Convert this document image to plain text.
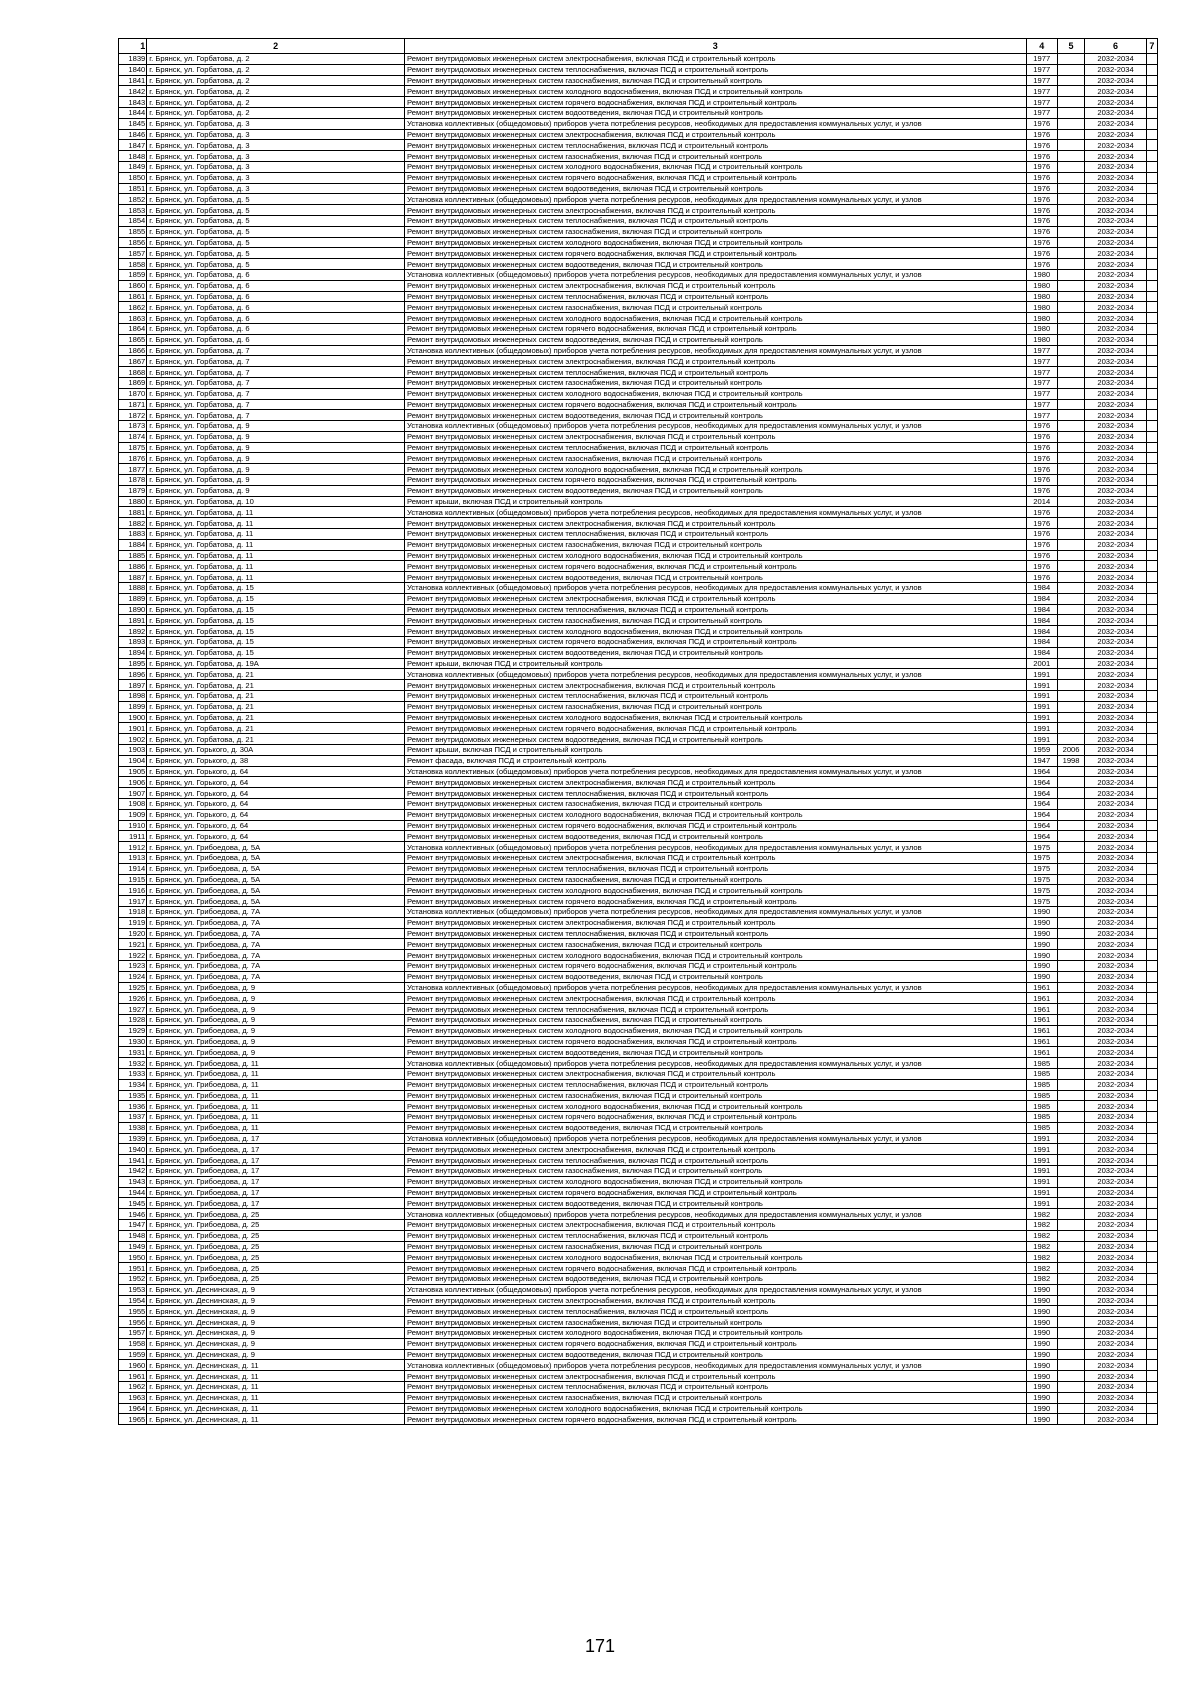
1	2	3	4	5	6	7
1839	г. Брянск, ул. Горбатова, д. 2	Ремонт внутридомовых инженерных систем электроснабжения, включая ПСД и строительный контроль	1977		2032-2034	
1840	г. Брянск, ул. Горбатова, д. 2	Ремонт внутридомовых инженерных систем теплоснабжения, включая ПСД и строительный контроль	1977		2032-2034	
1841	г. Брянск, ул. Горбатова, д. 2	Ремонт внутридомовых инженерных систем газоснабжения, включая ПСД и строительный контроль	1977		2032-2034	
1842	г. Брянск, ул. Горбатова, д. 2	Ремонт внутридомовых инженерных систем холодного водоснабжения, включая ПСД и строительный контроль	1977		2032-2034	
1843	г. Брянск, ул. Горбатова, д. 2	Ремонт внутридомовых инженерных систем горячего водоснабжения, включая ПСД и строительный контроль	1977		2032-2034	
1844	г. Брянск, ул. Горбатова, д. 2	Ремонт внутридомовых инженерных систем водоотведения, включая ПСД и строительный контроль	1977		2032-2034	
1845	г. Брянск, ул. Горбатова, д. 3	Установка коллективных (общедомовых) приборов учета потребления ресурсов, необходимых для предоставления коммунальных услуг, и узлов	1976		2032-2034	
1846	г. Брянск, ул. Горбатова, д. 3	Ремонт внутридомовых инженерных систем электроснабжения, включая ПСД и строительный контроль	1976		2032-2034	
1847	г. Брянск, ул. Горбатова, д. 3	Ремонт внутридомовых инженерных систем теплоснабжения, включая ПСД и строительный контроль	1976		2032-2034	
1848	г. Брянск, ул. Горбатова, д. 3	Ремонт внутридомовых инженерных систем газоснабжения, включая ПСД и строительный контроль	1976		2032-2034	
1849	г. Брянск, ул. Горбатова, д. 3	Ремонт внутридомовых инженерных систем холодного водоснабжения, включая ПСД и строительный контроль	1976		2032-2034	
1850	г. Брянск, ул. Горбатова, д. 3	Ремонт внутридомовых инженерных систем горячего водоснабжения, включая ПСД и строительный контроль	1976		2032-2034	
1851	г. Брянск, ул. Горбатова, д. 3	Ремонт внутридомовых инженерных систем водоотведения, включая ПСД и строительный контроль	1976		2032-2034	
1852	г. Брянск, ул. Горбатова, д. 5	Установка коллективных (общедомовых) приборов учета потребления ресурсов, необходимых для предоставления коммунальных услуг, и узлов	1976		2032-2034	
1853	г. Брянск, ул. Горбатова, д. 5	Ремонт внутридомовых инженерных систем электроснабжения, включая ПСД и строительный контроль	1976		2032-2034	
1854	г. Брянск, ул. Горбатова, д. 5	Ремонт внутридомовых инженерных систем теплоснабжения, включая ПСД и строительный контроль	1976		2032-2034	
1855	г. Брянск, ул. Горбатова, д. 5	Ремонт внутридомовых инженерных систем газоснабжения, включая ПСД и строительный контроль	1976		2032-2034	
1856	г. Брянск, ул. Горбатова, д. 5	Ремонт внутридомовых инженерных систем холодного водоснабжения, включая ПСД и строительный контроль	1976		2032-2034	
1857	г. Брянск, ул. Горбатова, д. 5	Ремонт внутридомовых инженерных систем горячего водоснабжения, включая ПСД и строительный контроль	1976		2032-2034	
1858	г. Брянск, ул. Горбатова, д. 5	Ремонт внутридомовых инженерных систем водоотведения, включая ПСД и строительный контроль	1976		2032-2034	
1859	г. Брянск, ул. Горбатова, д. 6	Установка коллективных (общедомовых) приборов учета потребления ресурсов, необходимых для предоставления коммунальных услуг, и узлов	1980		2032-2034	
1860	г. Брянск, ул. Горбатова, д. 6	Ремонт внутридомовых инженерных систем электроснабжения, включая ПСД и строительный контроль	1980		2032-2034	
1861	г. Брянск, ул. Горбатова, д. 6	Ремонт внутридомовых инженерных систем теплоснабжения, включая ПСД и строительный контроль	1980		2032-2034	
1862	г. Брянск, ул. Горбатова, д. 6	Ремонт внутридомовых инженерных систем газоснабжения, включая ПСД и строительный контроль	1980		2032-2034	
1863	г. Брянск, ул. Горбатова, д. 6	Ремонт внутридомовых инженерных систем холодного водоснабжения, включая ПСД и строительный контроль	1980		2032-2034	
1864	г. Брянск, ул. Горбатова, д. 6	Ремонт внутридомовых инженерных систем горячего водоснабжения, включая ПСД и строительный контроль	1980		2032-2034	
1865	г. Брянск, ул. Горбатова, д. 6	Ремонт внутридомовых инженерных систем водоотведения, включая ПСД и строительный контроль	1980		2032-2034	
1866	г. Брянск, ул. Горбатова, д. 7	Установка коллективных (общедомовых) приборов учета потребления ресурсов, необходимых для предоставления коммунальных услуг, и узлов	1977		2032-2034	
1867	г. Брянск, ул. Горбатова, д. 7	Ремонт внутридомовых инженерных систем электроснабжения, включая ПСД и строительный контроль	1977		2032-2034	
1868	г. Брянск, ул. Горбатова, д. 7	Ремонт внутридомовых инженерных систем теплоснабжения, включая ПСД и строительный контроль	1977		2032-2034	
1869	г. Брянск, ул. Горбатова, д. 7	Ремонт внутридомовых инженерных систем газоснабжения, включая ПСД и строительный контроль	1977		2032-2034	
1870	г. Брянск, ул. Горбатова, д. 7	Ремонт внутридомовых инженерных систем холодного водоснабжения, включая ПСД и строительный контроль	1977		2032-2034	
1871	г. Брянск, ул. Горбатова, д. 7	Ремонт внутридомовых инженерных систем горячего водоснабжения, включая ПСД и строительный контроль	1977		2032-2034	
1872	г. Брянск, ул. Горбатова, д. 7	Ремонт внутридомовых инженерных систем водоотведения, включая ПСД и строительный контроль	1977		2032-2034	
1873	г. Брянск, ул. Горбатова, д. 9	Установка коллективных (общедомовых) приборов учета потребления ресурсов, необходимых для предоставления коммунальных услуг, и узлов	1976		2032-2034	
1874	г. Брянск, ул. Горбатова, д. 9	Ремонт внутридомовых инженерных систем электроснабжения, включая ПСД и строительный контроль	1976		2032-2034	
1875	г. Брянск, ул. Горбатова, д. 9	Ремонт внутридомовых инженерных систем теплоснабжения, включая ПСД и строительный контроль	1976		2032-2034	
1876	г. Брянск, ул. Горбатова, д. 9	Ремонт внутридомовых инженерных систем газоснабжения, включая ПСД и строительный контроль	1976		2032-2034	
1877	г. Брянск, ул. Горбатова, д. 9	Ремонт внутридомовых инженерных систем холодного водоснабжения, включая ПСД и строительный контроль	1976		2032-2034	
1878	г. Брянск, ул. Горбатова, д. 9	Ремонт внутридомовых инженерных систем горячего водоснабжения, включая ПСД и строительный контроль	1976		2032-2034	
1879	г. Брянск, ул. Горбатова, д. 9	Ремонт внутридомовых инженерных систем водоотведения, включая ПСД и строительный контроль	1976		2032-2034	
1880	г. Брянск, ул. Горбатова, д. 10	Ремонт крыши, включая ПСД и строительный контроль	2014		2032-2034	
1881	г. Брянск, ул. Горбатова, д. 11	Установка коллективных (общедомовых) приборов учета потребления ресурсов, необходимых для предоставления коммунальных услуг, и узлов	1976		2032-2034	
1882	г. Брянск, ул. Горбатова, д. 11	Ремонт внутридомовых инженерных систем электроснабжения, включая ПСД и строительный контроль	1976		2032-2034	
1883	г. Брянск, ул. Горбатова, д. 11	Ремонт внутридомовых инженерных систем теплоснабжения, включая ПСД и строительный контроль	1976		2032-2034	
1884	г. Брянск, ул. Горбатова, д. 11	Ремонт внутридомовых инженерных систем газоснабжения, включая ПСД и строительный контроль	1976		2032-2034	
1885	г. Брянск, ул. Горбатова, д. 11	Ремонт внутридомовых инженерных систем холодного водоснабжения, включая ПСД и строительный контроль	1976		2032-2034	
1886	г. Брянск, ул. Горбатова, д. 11	Ремонт внутридомовых инженерных систем горячего водоснабжения, включая ПСД и строительный контроль	1976		2032-2034	
1887	г. Брянск, ул. Горбатова, д. 11	Ремонт внутридомовых инженерных систем водоотведения, включая ПСД и строительный контроль	1976		2032-2034	
1888	г. Брянск, ул. Горбатова, д. 15	Установка коллективных (общедомовых) приборов учета потребления ресурсов, необходимых для предоставления коммунальных услуг, и узлов	1984		2032-2034	
1889	г. Брянск, ул. Горбатова, д. 15	Ремонт внутридомовых инженерных систем электроснабжения, включая ПСД и строительный контроль	1984		2032-2034	
1890	г. Брянск, ул. Горбатова, д. 15	Ремонт внутридомовых инженерных систем теплоснабжения, включая ПСД и строительный контроль	1984		2032-2034	
1891	г. Брянск, ул. Горбатова, д. 15	Ремонт внутридомовых инженерных систем газоснабжения, включая ПСД и строительный контроль	1984		2032-2034	
1892	г. Брянск, ул. Горбатова, д. 15	Ремонт внутридомовых инженерных систем холодного водоснабжения, включая ПСД и строительный контроль	1984		2032-2034	
1893	г. Брянск, ул. Горбатова, д. 15	Ремонт внутридомовых инженерных систем горячего водоснабжения, включая ПСД и строительный контроль	1984		2032-2034	
1894	г. Брянск, ул. Горбатова, д. 15	Ремонт внутридомовых инженерных систем водоотведения, включая ПСД и строительный контроль	1984		2032-2034	
1895	г. Брянск, ул. Горбатова, д. 19А	Ремонт крыши, включая ПСД и строительный контроль	2001		2032-2034	
1896	г. Брянск, ул. Горбатова, д. 21	Установка коллективных (общедомовых) приборов учета потребления ресурсов, необходимых для предоставления коммунальных услуг, и узлов	1991		2032-2034	
1897	г. Брянск, ул. Горбатова, д. 21	Ремонт внутридомовых инженерных систем электроснабжения, включая ПСД и строительный контроль	1991		2032-2034	
1898	г. Брянск, ул. Горбатова, д. 21	Ремонт внутридомовых инженерных систем теплоснабжения, включая ПСД и строительный контроль	1991		2032-2034	
1899	г. Брянск, ул. Горбатова, д. 21	Ремонт внутридомовых инженерных систем газоснабжения, включая ПСД и строительный контроль	1991		2032-2034	
1900	г. Брянск, ул. Горбатова, д. 21	Ремонт внутридомовых инженерных систем холодного водоснабжения, включая ПСД и строительный контроль	1991		2032-2034	
1901	г. Брянск, ул. Горбатова, д. 21	Ремонт внутридомовых инженерных систем горячего водоснабжения, включая ПСД и строительный контроль	1991		2032-2034	
1902	г. Брянск, ул. Горбатова, д. 21	Ремонт внутридомовых инженерных систем водоотведения, включая ПСД и строительный контроль	1991		2032-2034	
1903	г. Брянск, ул. Горького, д. 30А	Ремонт крыши, включая ПСД и строительный контроль	1959	2006	2032-2034	
1904	г. Брянск, ул. Горького, д. 38	Ремонт фасада, включая ПСД и строительный контроль	1947	1998	2032-2034	
1905	г. Брянск, ул. Горького, д. 64	Установка коллективных (общедомовых) приборов учета потребления ресурсов, необходимых для предоставления коммунальных услуг, и узлов	1964		2032-2034	
1906	г. Брянск, ул. Горького, д. 64	Ремонт внутридомовых инженерных систем электроснабжения, включая ПСД и строительный контроль	1964		2032-2034	
1907	г. Брянск, ул. Горького, д. 64	Ремонт внутридомовых инженерных систем теплоснабжения, включая ПСД и строительный контроль	1964		2032-2034	
1908	г. Брянск, ул. Горького, д. 64	Ремонт внутридомовых инженерных систем газоснабжения, включая ПСД и строительный контроль	1964		2032-2034	
1909	г. Брянск, ул. Горького, д. 64	Ремонт внутридомовых инженерных систем холодного водоснабжения, включая ПСД и строительный контроль	1964		2032-2034	
1910	г. Брянск, ул. Горького, д. 64	Ремонт внутридомовых инженерных систем горячего водоснабжения, включая ПСД и строительный контроль	1964		2032-2034	
1911	г. Брянск, ул. Горького, д. 64	Ремонт внутридомовых инженерных систем водоотведения, включая ПСД и строительный контроль	1964		2032-2034	
1912	г. Брянск, ул. Грибоедова, д. 5А	Установка коллективных (общедомовых) приборов учета потребления ресурсов, необходимых для предоставления коммунальных услуг, и узлов	1975		2032-2034	
1913	г. Брянск, ул. Грибоедова, д. 5А	Ремонт внутридомовых инженерных систем электроснабжения, включая ПСД и строительный контроль	1975		2032-2034	
1914	г. Брянск, ул. Грибоедова, д. 5А	Ремонт внутридомовых инженерных систем теплоснабжения, включая ПСД и строительный контроль	1975		2032-2034	
1915	г. Брянск, ул. Грибоедова, д. 5А	Ремонт внутридомовых инженерных систем газоснабжения, включая ПСД и строительный контроль	1975		2032-2034	
1916	г. Брянск, ул. Грибоедова, д. 5А	Ремонт внутридомовых инженерных систем холодного водоснабжения, включая ПСД и строительный контроль	1975		2032-2034	
1917	г. Брянск, ул. Грибоедова, д. 5А	Ремонт внутридомовых инженерных систем горячего водоснабжения, включая ПСД и строительный контроль	1975		2032-2034	
1918	г. Брянск, ул. Грибоедова, д. 7А	Установка коллективных (общедомовых) приборов учета потребления ресурсов, необходимых для предоставления коммунальных услуг, и узлов	1990		2032-2034	
1919	г. Брянск, ул. Грибоедова, д. 7А	Ремонт внутридомовых инженерных систем электроснабжения, включая ПСД и строительный контроль	1990		2032-2034	
1920	г. Брянск, ул. Грибоедова, д. 7А	Ремонт внутридомовых инженерных систем теплоснабжения, включая ПСД и строительный контроль	1990		2032-2034	
1921	г. Брянск, ул. Грибоедова, д. 7А	Ремонт внутридомовых инженерных систем газоснабжения, включая ПСД и строительный контроль	1990		2032-2034	
1922	г. Брянск, ул. Грибоедова, д. 7А	Ремонт внутридомовых инженерных систем холодного водоснабжения, включая ПСД и строительный контроль	1990		2032-2034	
1923	г. Брянск, ул. Грибоедова, д. 7А	Ремонт внутридомовых инженерных систем горячего водоснабжения, включая ПСД и строительный контроль	1990		2032-2034	
1924	г. Брянск, ул. Грибоедова, д. 7А	Ремонт внутридомовых инженерных систем водоотведения, включая ПСД и строительный контроль	1990		2032-2034	
1925	г. Брянск, ул. Грибоедова, д. 9	Установка коллективных (общедомовых) приборов учета потребления ресурсов, необходимых для предоставления коммунальных услуг, и узлов	1961		2032-2034	
1926	г. Брянск, ул. Грибоедова, д. 9	Ремонт внутридомовых инженерных систем электроснабжения, включая ПСД и строительный контроль	1961		2032-2034	
1927	г. Брянск, ул. Грибоедова, д. 9	Ремонт внутридомовых инженерных систем теплоснабжения, включая ПСД и строительный контроль	1961		2032-2034	
1928	г. Брянск, ул. Грибоедова, д. 9	Ремонт внутридомовых инженерных систем газоснабжения, включая ПСД и строительный контроль	1961		2032-2034	
1929	г. Брянск, ул. Грибоедова, д. 9	Ремонт внутридомовых инженерных систем холодного водоснабжения, включая ПСД и строительный контроль	1961		2032-2034	
1930	г. Брянск, ул. Грибоедова, д. 9	Ремонт внутридомовых инженерных систем горячего водоснабжения, включая ПСД и строительный контроль	1961		2032-2034	
1931	г. Брянск, ул. Грибоедова, д. 9	Ремонт внутридомовых инженерных систем водоотведения, включая ПСД и строительный контроль	1961		2032-2034	
1932	г. Брянск, ул. Грибоедова, д. 11	Установка коллективных (общедомовых) приборов учета потребления ресурсов, необходимых для предоставления коммунальных услуг, и узлов	1985		2032-2034	
1933	г. Брянск, ул. Грибоедова, д. 11	Ремонт внутридомовых инженерных систем электроснабжения, включая ПСД и строительный контроль	1985		2032-2034	
1934	г. Брянск, ул. Грибоедова, д. 11	Ремонт внутридомовых инженерных систем теплоснабжения, включая ПСД и строительный контроль	1985		2032-2034	
1935	г. Брянск, ул. Грибоедова, д. 11	Ремонт внутридомовых инженерных систем газоснабжения, включая ПСД и строительный контроль	1985		2032-2034	
1936	г. Брянск, ул. Грибоедова, д. 11	Ремонт внутридомовых инженерных систем холодного водоснабжения, включая ПСД и строительный контроль	1985		2032-2034	
1937	г. Брянск, ул. Грибоедова, д. 11	Ремонт внутридомовых инженерных систем горячего водоснабжения, включая ПСД и строительный контроль	1985		2032-2034	
1938	г. Брянск, ул. Грибоедова, д. 11	Ремонт внутридомовых инженерных систем водоотведения, включая ПСД и строительный контроль	1985		2032-2034	
1939	г. Брянск, ул. Грибоедова, д. 17	Установка коллективных (общедомовых) приборов учета потребления ресурсов, необходимых для предоставления коммунальных услуг, и узлов	1991		2032-2034	
1940	г. Брянск, ул. Грибоедова, д. 17	Ремонт внутридомовых инженерных систем электроснабжения, включая ПСД и строительный контроль	1991		2032-2034	
1941	г. Брянск, ул. Грибоедова, д. 17	Ремонт внутридомовых инженерных систем теплоснабжения, включая ПСД и строительный контроль	1991		2032-2034	
1942	г. Брянск, ул. Грибоедова, д. 17	Ремонт внутридомовых инженерных систем газоснабжения, включая ПСД и строительный контроль	1991		2032-2034	
1943	г. Брянск, ул. Грибоедова, д. 17	Ремонт внутридомовых инженерных систем холодного водоснабжения, включая ПСД и строительный контроль	1991		2032-2034	
1944	г. Брянск, ул. Грибоедова, д. 17	Ремонт внутридомовых инженерных систем горячего водоснабжения, включая ПСД и строительный контроль	1991		2032-2034	
1945	г. Брянск, ул. Грибоедова, д. 17	Ремонт внутридомовых инженерных систем водоотведения, включая ПСД и строительный контроль	1991		2032-2034	
1946	г. Брянск, ул. Грибоедова, д. 25	Установка коллективных (общедомовых) приборов учета потребления ресурсов, необходимых для предоставления коммунальных услуг, и узлов	1982		2032-2034	
1947	г. Брянск, ул. Грибоедова, д. 25	Ремонт внутридомовых инженерных систем электроснабжения, включая ПСД и строительный контроль	1982		2032-2034	
1948	г. Брянск, ул. Грибоедова, д. 25	Ремонт внутридомовых инженерных систем теплоснабжения, включая ПСД и строительный контроль	1982		2032-2034	
1949	г. Брянск, ул. Грибоедова, д. 25	Ремонт внутридомовых инженерных систем газоснабжения, включая ПСД и строительный контроль	1982		2032-2034	
1950	г. Брянск, ул. Грибоедова, д. 25	Ремонт внутридомовых инженерных систем холодного водоснабжения, включая ПСД и строительный контроль	1982		2032-2034	
1951	г. Брянск, ул. Грибоедова, д. 25	Ремонт внутридомовых инженерных систем горячего водоснабжения, включая ПСД и строительный контроль	1982		2032-2034	
1952	г. Брянск, ул. Грибоедова, д. 25	Ремонт внутридомовых инженерных систем водоотведения, включая ПСД и строительный контроль	1982		2032-2034	
1953	г. Брянск, ул. Деснинская, д. 9	Установка коллективных (общедомовых) приборов учета потребления ресурсов, необходимых для предоставления коммунальных услуг, и узлов	1990		2032-2034	
1954	г. Брянск, ул. Деснинская, д. 9	Ремонт внутридомовых инженерных систем электроснабжения, включая ПСД и строительный контроль	1990		2032-2034	
1955	г. Брянск, ул. Деснинская, д. 9	Ремонт внутридомовых инженерных систем теплоснабжения, включая ПСД и строительный контроль	1990		2032-2034	
1956	г. Брянск, ул. Деснинская, д. 9	Ремонт внутридомовых инженерных систем газоснабжения, включая ПСД и строительный контроль	1990		2032-2034	
1957	г. Брянск, ул. Деснинская, д. 9	Ремонт внутридомовых инженерных систем холодного водоснабжения, включая ПСД и строительный контроль	1990		2032-2034	
1958	г. Брянск, ул. Деснинская, д. 9	Ремонт внутридомовых инженерных систем горячего водоснабжения, включая ПСД и строительный контроль	1990		2032-2034	
1959	г. Брянск, ул. Деснинская, д. 9	Ремонт внутридомовых инженерных систем водоотведения, включая ПСД и строительный контроль	1990		2032-2034	
1960	г. Брянск, ул. Деснинская, д. 11	Установка коллективных (общедомовых) приборов учета потребления ресурсов, необходимых для предоставления коммунальных услуг, и узлов	1990		2032-2034	
1961	г. Брянск, ул. Деснинская, д. 11	Ремонт внутридомовых инженерных систем электроснабжения, включая ПСД и строительный контроль	1990		2032-2034	
1962	г. Брянск, ул. Деснинская, д. 11	Ремонт внутридомовых инженерных систем теплоснабжения, включая ПСД и строительный контроль	1990		2032-2034	
1963	г. Брянск, ул. Деснинская, д. 11	Ремонт внутридомовых инженерных систем газоснабжения, включая ПСД и строительный контроль	1990		2032-2034	
1964	г. Брянск, ул. Деснинская, д. 11	Ремонт внутридомовых инженерных систем холодного водоснабжения, включая ПСД и строительный контроль	1990		2032-2034	
1965	г. Брянск, ул. Деснинская, д. 11	Ремонт внутридомовых инженерных систем горячего водоснабжения, включая ПСД и строительный контроль	1990		2032-2034	
171
